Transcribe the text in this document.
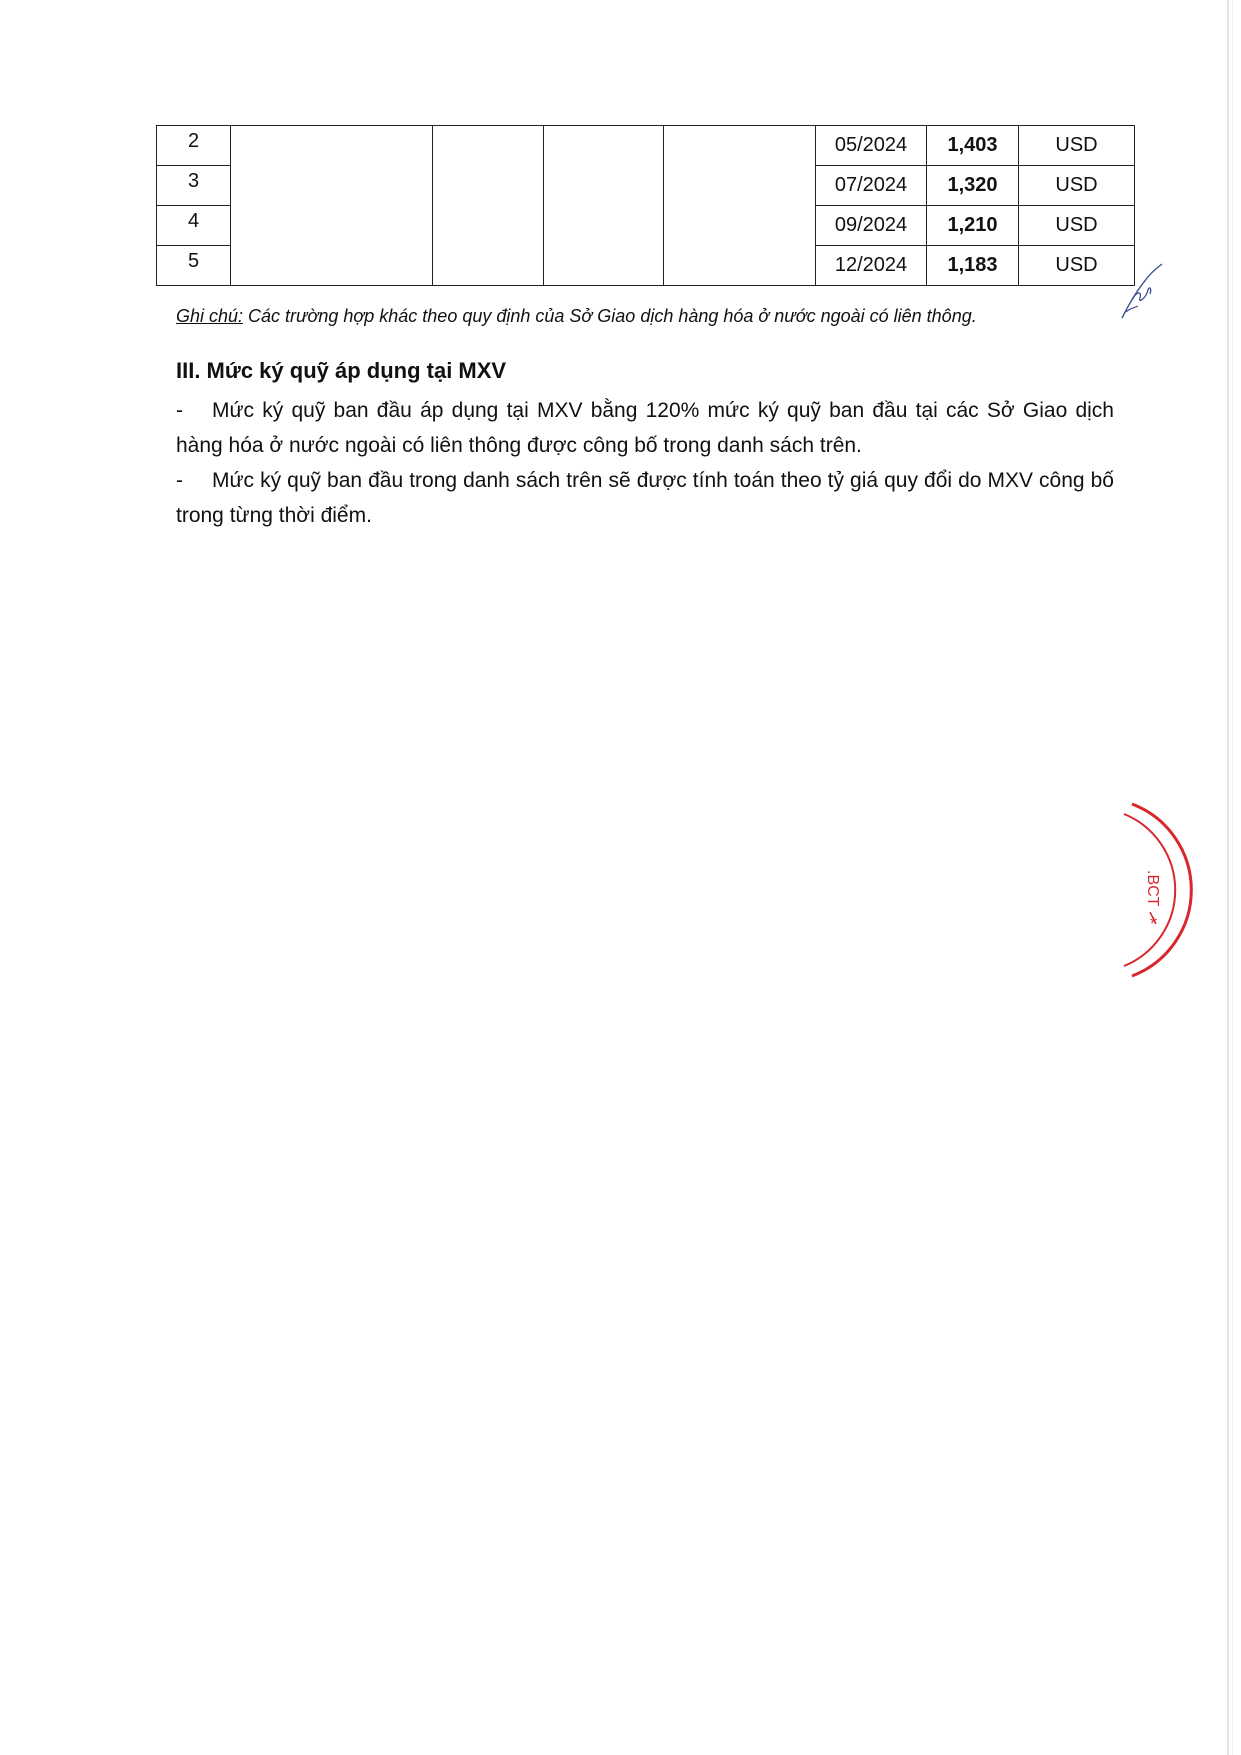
2					05/2024	1,403	USD
3					07/2024	1,320	USD
4					09/2024	1,210	USD
5					12/2024	1,183	USD
Ghi chú: Các trường hợp khác theo quy định của Sở Giao dịch hàng hóa ở nước ngoài có liên thông.
III. Mức ký quỹ áp dụng tại MXV
- Mức ký quỹ ban đầu áp dụng tại MXV bằng 120% mức ký quỹ ban đầu tại các Sở Giao dịch hàng hóa ở nước ngoài có liên thông được công bố trong danh sách trên.
- Mức ký quỹ ban đầu trong danh sách trên sẽ được tính toán theo tỷ giá quy đổi do MXV công bố trong từng thời điểm.
.BCT
*
